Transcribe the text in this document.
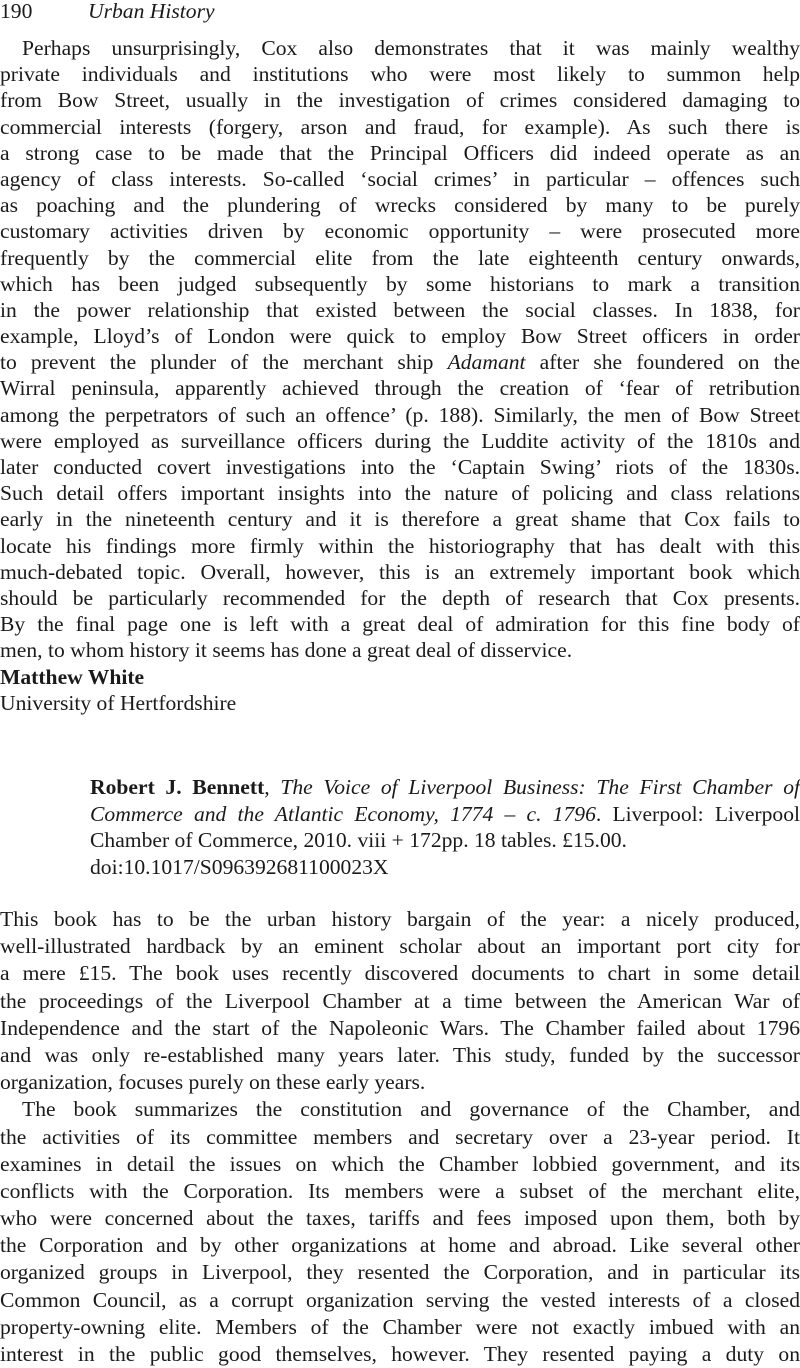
190	Urban History
Perhaps unsurprisingly, Cox also demonstrates that it was mainly wealthy
private individuals and institutions who were most likely to summon help
from Bow Street, usually in the investigation of crimes considered damaging to
commercial interests (forgery, arson and fraud, for example). As such there is
a strong case to be made that the Principal Officers did indeed operate as an
agency of class interests. So-called ‘social crimes’ in particular – offences such
as poaching and the plundering of wrecks considered by many to be purely
customary activities driven by economic opportunity – were prosecuted more
frequently by the commercial elite from the late eighteenth century onwards,
which has been judged subsequently by some historians to mark a transition
in the power relationship that existed between the social classes. In 1838, for
example, Lloyd’s of London were quick to employ Bow Street officers in order
to prevent the plunder of the merchant ship Adamant after she foundered on the
Wirral peninsula, apparently achieved through the creation of ‘fear of retribution
among the perpetrators of such an offence’ (p. 188). Similarly, the men of Bow Street
were employed as surveillance officers during the Luddite activity of the 1810s and
later conducted covert investigations into the ‘Captain Swing’ riots of the 1830s.
Such detail offers important insights into the nature of policing and class relations
early in the nineteenth century and it is therefore a great shame that Cox fails to
locate his findings more firmly within the historiography that has dealt with this
much-debated topic. Overall, however, this is an extremely important book which
should be particularly recommended for the depth of research that Cox presents.
By the final page one is left with a great deal of admiration for this fine body of
men, to whom history it seems has done a great deal of disservice.
Matthew White
University of Hertfordshire
Robert J. Bennett, The Voice of Liverpool Business: The First Chamber of
Commerce and the Atlantic Economy, 1774 – c. 1796. Liverpool: Liverpool
Chamber of Commerce, 2010. viii + 172pp. 18 tables. £15.00.
doi:10.1017/S096392681100023X
This book has to be the urban history bargain of the year: a nicely produced,
well-illustrated hardback by an eminent scholar about an important port city for
a mere £15. The book uses recently discovered documents to chart in some detail
the proceedings of the Liverpool Chamber at a time between the American War of
Independence and the start of the Napoleonic Wars. The Chamber failed about 1796
and was only re-established many years later. This study, funded by the successor
organization, focuses purely on these early years.
The book summarizes the constitution and governance of the Chamber, and
the activities of its committee members and secretary over a 23-year period. It
examines in detail the issues on which the Chamber lobbied government, and its
conflicts with the Corporation. Its members were a subset of the merchant elite,
who were concerned about the taxes, tariffs and fees imposed upon them, both by
the Corporation and by other organizations at home and abroad. Like several other
organized groups in Liverpool, they resented the Corporation, and in particular its
Common Council, as a corrupt organization serving the vested interests of a closed
property-owning elite. Members of the Chamber were not exactly imbued with an
interest in the public good themselves, however. They resented paying a duty on
